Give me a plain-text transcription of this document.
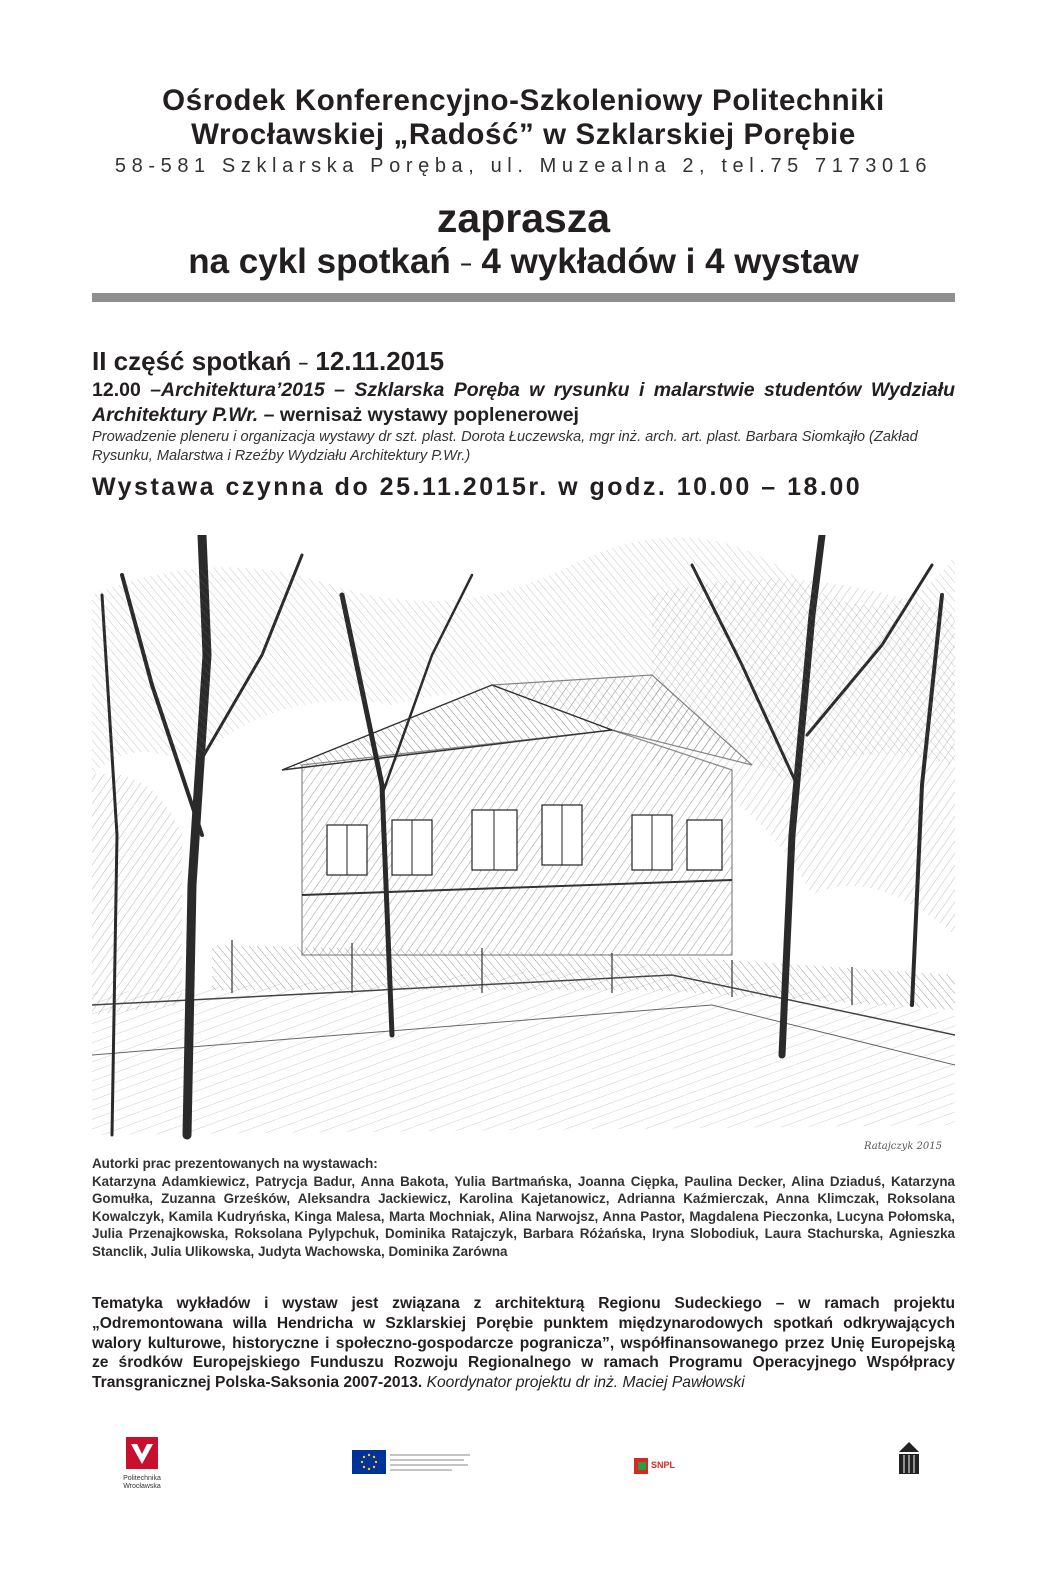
Ośrodek Konferencyjno-Szkoleniowy Politechniki
Wrocławskiej „Radość” w Szklarskiej Porębie
58-581 Szklarska Poręba, ul. Muzealna 2, tel.75 7173016
zaprasza
na cykl spotkań – 4 wykładów i 4 wystaw
II część spotkań – 12.11.2015
12.00 –Architektura’2015 – Szklarska Poręba w rysunku i malarstwie studentów Wydziału Architektury P.Wr. – wernisaż wystawy poplenerowej
Prowadzenie pleneru i organizacja wystawy dr szt. plast. Dorota Łuczewska, mgr inż. arch. art. plast. Barbara Siomkajło (Zakład Rysunku, Malarstwa i Rzeźby Wydziału Architektury P.Wr.)
Wystawa czynna do 25.11.2015r. w godz. 10.00 – 18.00
Ratajczyk 2015
Autorki prac prezentowanych na wystawach:
Katarzyna Adamkiewicz, Patrycja Badur, Anna Bakota, Yulia Bartmańska, Joanna Cięрka, Paulina Decker, Alina Dziaduś, Katarzyna Gomułka, Zuzanna Grześków, Aleksandra Jackiewicz, Karolina Kajetanowicz, Adrianna Kaźmierczak, Anna Klimczak, Roksolana Kowalczyk, Kamila Kudryńska, Kinga Malesa, Marta Mochniak, Alina Narwojsz, Anna Pastor, Magdalena Pieczonka, Lucyna Połomska, Julia Przenajkowska, Roksolana Pylypchuk, Dominika Ratajczyk, Barbara Różańska, Iryna Slobodiuk, Laura Stachurska, Agnieszka Stanclik, Julia Ulikowska, Judyta Wachowska, Dominika Zarówna
Tematyka wykładów i wystaw jest związana z architekturą Regionu Sudeckiego – w ramach projektu „Odremontowana willa Hendricha w Szklarskiej Porębie punktem międzynarodowych spotkań odkrywających walory kulturowe, historyczne i społeczno-gospodarcze pogranicza”, współfinansowanego przez Unię Europejską ze środków Europejskiego Funduszu Rozwoju Regionalnego w ramach Programu Operacyjnego Współpracy Transgranicznej Polska-Saksonia 2007-2013. Koordynator projektu dr inż. Maciej Pawłowski
Politechnika
Wrocławska
SNPL
